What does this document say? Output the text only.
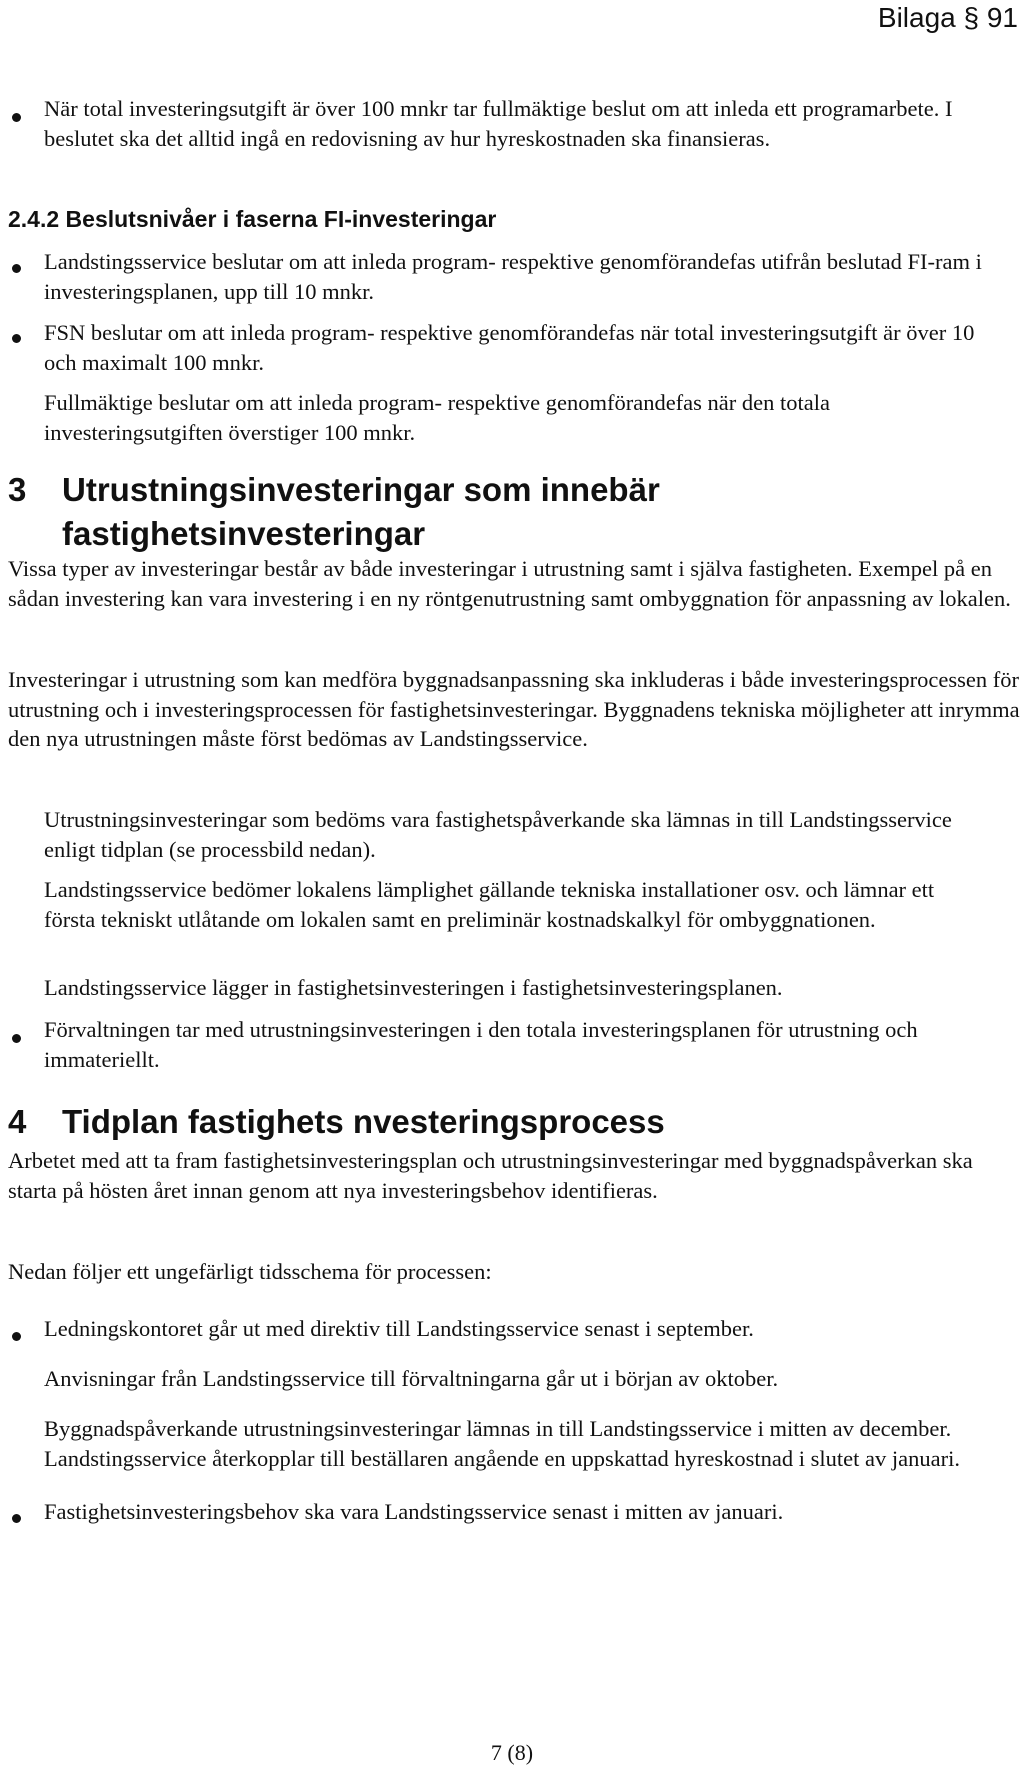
Bilaga § 91

När total investeringsutgift är över 100 mnkr tar fullmäktige beslut om att inleda ett programarbete. I beslutet ska det alltid ingå en redovisning av hur hyreskostnaden ska finansieras.

2.4.2 Beslutsnivåer i faserna FI-investeringar

Landstingsservice beslutar om att inleda program- respektive genomförandefas utifrån beslutad FI-ram i investeringsplanen, upp till 10 mnkr.

FSN beslutar om att inleda program- respektive genomförandefas när total investeringsutgift är över 10 och maximalt 100 mnkr.

Fullmäktige beslutar om att inleda program- respektive genomförandefas när den totala investeringsutgiften överstiger 100 mnkr.

3 Utrustningsinvesteringar som innebär fastighetsinvesteringar

Vissa typer av investeringar består av både investeringar i utrustning samt i själva fastigheten. Exempel på en sådan investering kan vara investering i en ny röntgenutrustning samt ombyggnation för anpassning av lokalen.

Investeringar i utrustning som kan medföra byggnadsanpassning ska inkluderas i både investeringsprocessen för utrustning och i investeringsprocessen för fastighetsinvesteringar. Byggnadens tekniska möjligheter att inrymma den nya utrustningen måste först bedömas av Landstingsservice.

Utrustningsinvesteringar som bedöms vara fastighetspåverkande ska lämnas in till Landstingsservice enligt tidplan (se processbild nedan).

Landstingsservice bedömer lokalens lämplighet gällande tekniska installationer osv. och lämnar ett första tekniskt utlåtande om lokalen samt en preliminär kostnadskalkyl för ombyggnationen.

Landstingsservice lägger in fastighetsinvesteringen i fastighetsinvesteringsplanen.

Förvaltningen tar med utrustningsinvesteringen i den totala investeringsplanen för utrustning och immateriellt.

4 Tidplan fastighets nvesteringsprocess

Arbetet med att ta fram fastighetsinvesteringsplan och utrustningsinvesteringar med byggnadspåverkan ska starta på hösten året innan genom att nya investeringsbehov identifieras.

Nedan följer ett ungefärligt tidsschema för processen:

Ledningskontoret går ut med direktiv till Landstingsservice senast i september.

Anvisningar från Landstingsservice till förvaltningarna går ut i början av oktober.

Byggnadspåverkande utrustningsinvesteringar lämnas in till Landstingsservice i mitten av december. Landstingsservice återkopplar till beställaren angående en uppskattad hyreskostnad i slutet av januari.

Fastighetsinvesteringsbehov ska vara Landstingsservice senast i mitten av januari.

7 (8)
